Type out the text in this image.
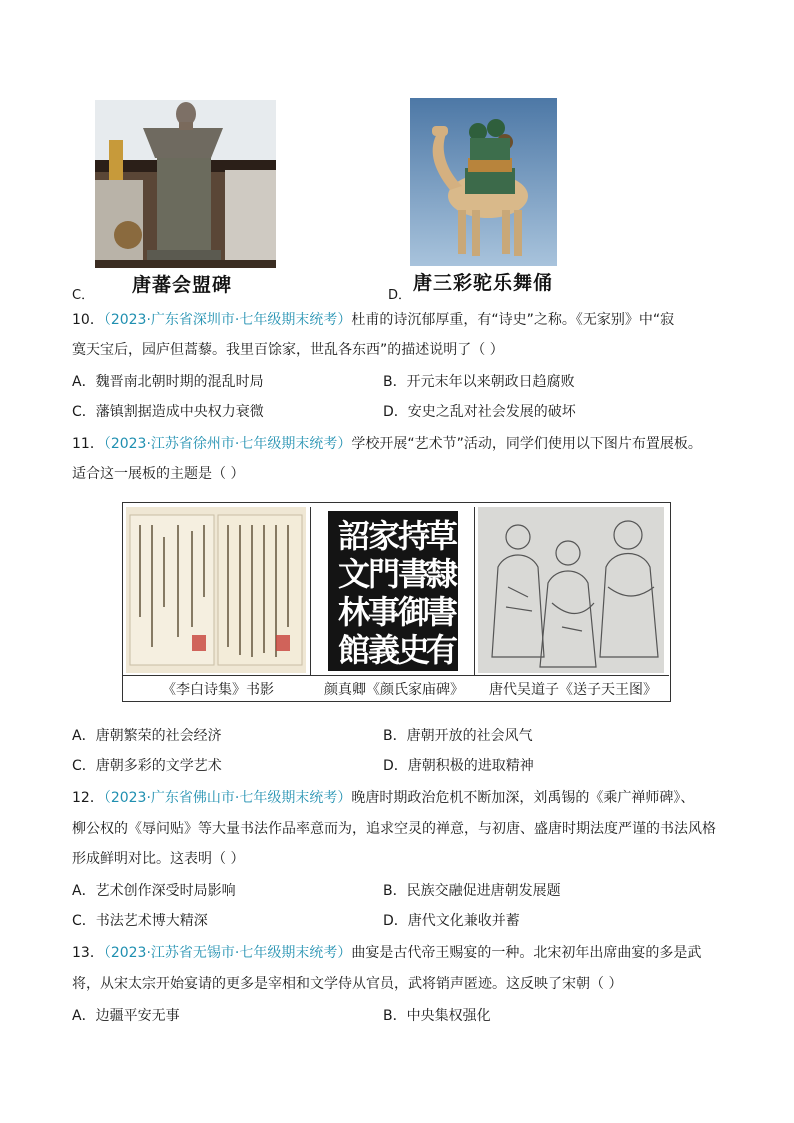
唐蕃会盟碑
C．
唐三彩驼乐舞俑
D．
10．（2023·广东省深圳市·七年级期末统考）杜甫的诗沉郁厚重，有“诗史”之称。《无家别》中“寂
寞天宝后，园庐但蒿藜。我里百馀家，世乱各东西”的描述说明了（ ）
A．魏晋南北朝时期的混乱时局	B．开元末年以来朝政日趋腐败
C．藩镇割据造成中央权力衰微	D．安史之乱对社会发展的破坏
11．（2023·江苏省徐州市·七年级期末统考）学校开展“艺术节”活动，同学们使用以下图片布置展板。
适合这一展板的主题是（ ）
詔
家
持
草
文
門
書
隸
林
事
御
書
館
義
史
有
《李白诗集》书影	颜真卿《颜氏家庙碑》	唐代吴道子《送子天王图》
A．唐朝繁荣的社会经济	B．唐朝开放的社会风气
C．唐朝多彩的文学艺术	D．唐朝积极的进取精神
12．（2023·广东省佛山市·七年级期末统考）晚唐时期政治危机不断加深，刘禹锡的《乘广禅师碑》、
柳公权的《辱问贴》等大量书法作品率意而为，追求空灵的禅意，与初唐、盛唐时期法度严谨的书法风格
形成鲜明对比。这表明（ ）
A．艺术创作深受时局影响	B．民族交融促进唐朝发展题
C．书法艺术博大精深	D．唐代文化兼收并蓄
13．（2023·江苏省无锡市·七年级期末统考）曲宴是古代帝王赐宴的一种。北宋初年出席曲宴的多是武
将，从宋太宗开始宴请的更多是宰相和文学侍从官员，武将销声匿迹。这反映了宋朝（ ）
A．边疆平安无事	B．中央集权强化
